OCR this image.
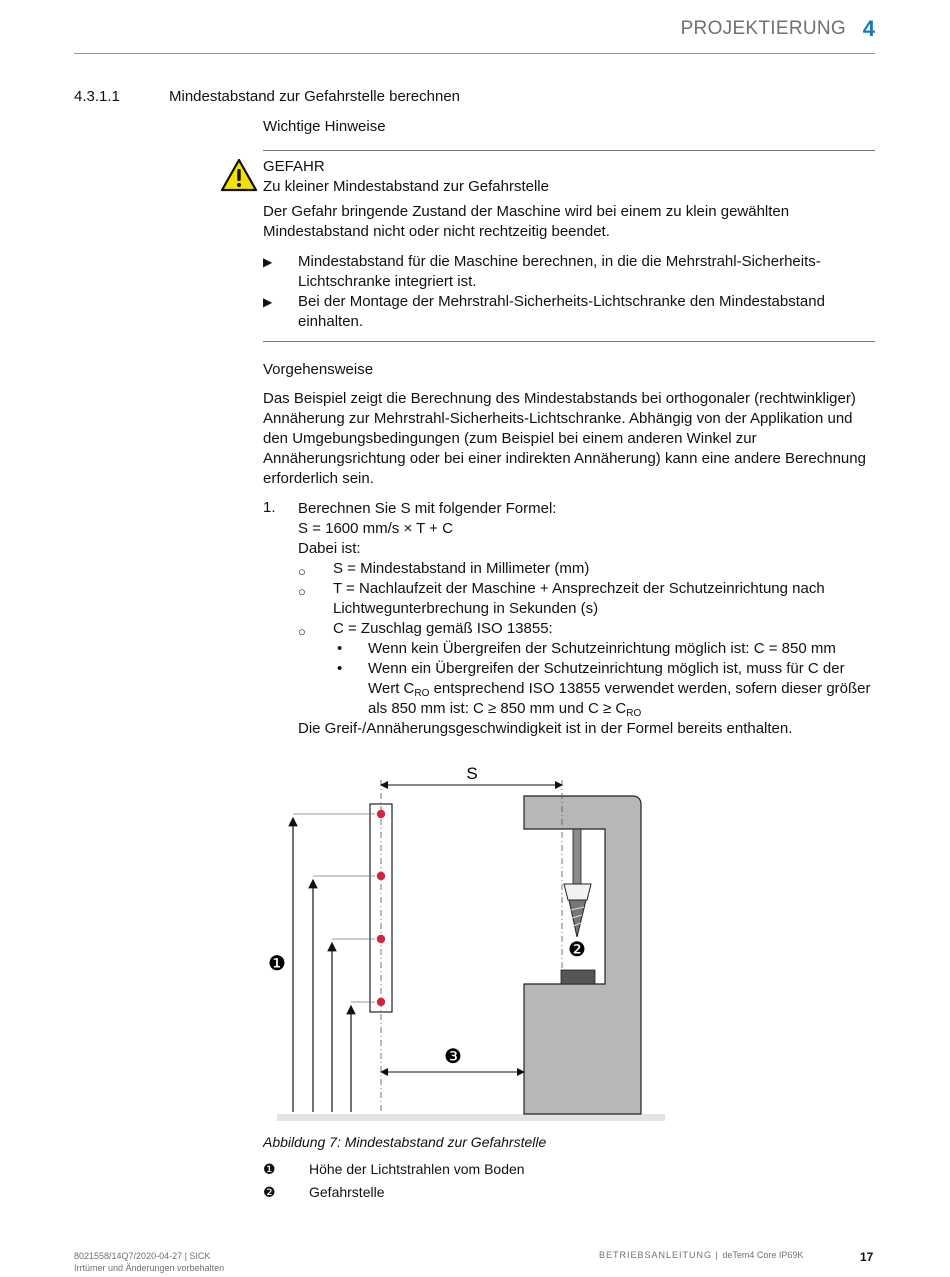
PROJEKTIERUNG 4
4.3.1.1	Mindestabstand zur Gefahrstelle berechnen
Wichtige Hinweise
GEFAHR
Zu kleiner Mindestabstand zur Gefahrstelle
Der Gefahr bringende Zustand der Maschine wird bei einem zu klein gewählten Mindestabstand nicht oder nicht rechtzeitig beendet.
▶ Mindestabstand für die Maschine berechnen, in die die Mehrstrahl-Sicherheits-Lichtschranke integriert ist.
▶ Bei der Montage der Mehrstrahl-Sicherheits-Lichtschranke den Mindestabstand einhalten.
Vorgehensweise
Das Beispiel zeigt die Berechnung des Mindestabstands bei orthogonaler (rechtwinkliger) Annäherung zur Mehrstrahl-Sicherheits-Lichtschranke. Abhängig von der Applikation und den Umgebungsbedingungen (zum Beispiel bei einem anderen Winkel zur Annäherungsrichtung oder bei einer indirekten Annäherung) kann eine andere Berechnung erforderlich sein.
1. Berechnen Sie S mit folgender Formel:
S = 1600 mm/s × T + C
Dabei ist:
○ S = Mindestabstand in Millimeter (mm)
○ T = Nachlaufzeit der Maschine + Ansprechzeit der Schutzeinrichtung nach Lichtwegunterbrechung in Sekunden (s)
○ C = Zuschlag gemäß ISO 13855:
• Wenn kein Übergreifen der Schutzeinrichtung möglich ist: C = 850 mm
• Wenn ein Übergreifen der Schutzeinrichtung möglich ist, muss für C der Wert $C_{RO}$ entsprechend ISO 13855 verwendet werden, sofern dieser größer als 850 mm ist: C ≥ 850 mm und $C \ge C_{RO}$
Die Greif-/Annäherungsgeschwindigkeit ist in der Formel bereits enthalten.
S
❶
❷
❸
Abbildung 7: Mindestabstand zur Gefahrstelle
❶ Höhe der Lichtstrahlen vom Boden
❷ Gefahrstelle
8021558/14Q7/2020-04-27 | SICK
Irrtümer und Änderungen vorbehalten
BETRIEBSANLEITUNG | deTem4 Core IP69K	17
